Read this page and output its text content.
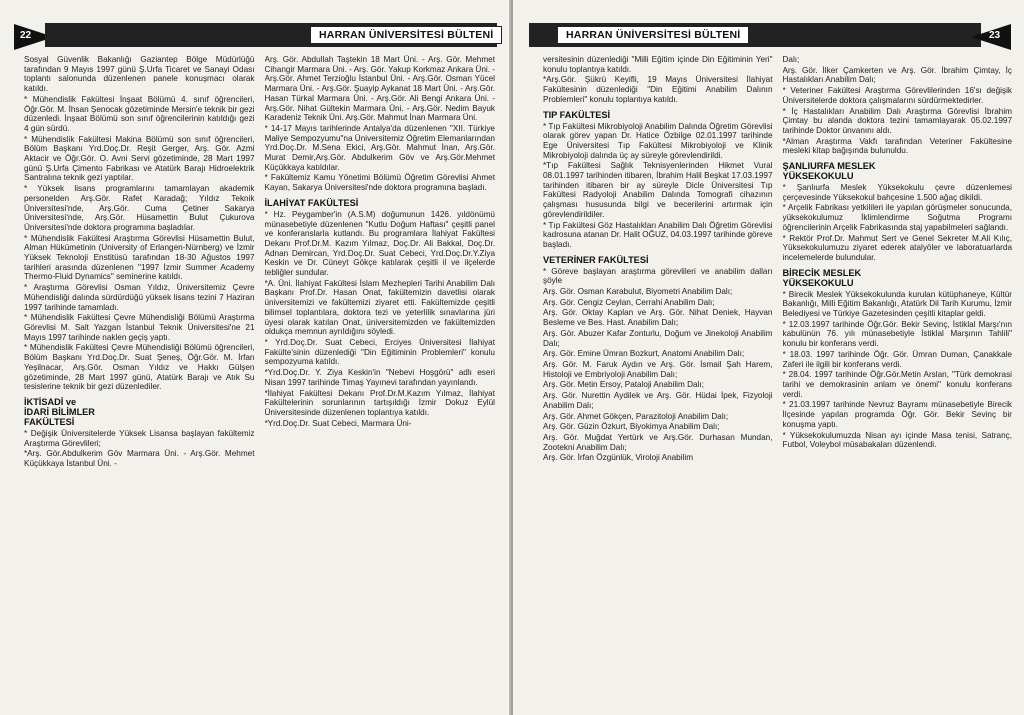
22	HARRAN ÜNİVERSİTESİ BÜLTENİ

Sosyal Güvenlik Bakanlığı Gaziantep Bölge Müdürlüğü tarafından 9 Mayıs 1997 günü Ş.Urfa Ticaret ve Sanayi Odası toplantı salonunda düzenlenen panele konuşmacı olarak katıldı.

* Mühendislik Fakültesi İnşaat Bölümü 4. sınıf öğrencileri, Öğr.Gör. M. İhsan Şenocak gözetiminde Mersin'e teknik bir gezi düzenledi. İnşaat Bölümü son sınıf öğrencilerinin katıldığı gezi 4 gün sürdü.

* Mühendislik Fakültesi Makina Bölümü son sınıf öğrencileri, Bölüm Başkanı Yrd.Doç.Dr. Reşit Gerger, Arş. Gör. Azmi Aktacir ve Öğr.Gör. O. Avni Servi gözetiminde, 28 Mart 1997 günü Ş.Urfa Çimento Fabrikası ve Atatürk Barajı Hidroelektrik Santralına teknik gezi yaptılar.

* Yüksek lisans programlarını tamamlayan akademik personelden Arş.Gör. Rafet Karadağ; Yıldız Teknik Üniversitesi'nde, Arş.Gör. Cuma Çetiner Sakarya Üniversitesi'nde, Arş.Gör. Hüsamettin Bulut Çukurova Üniversitesi'nde doktora programına başladılar.

* Mühendislik Fakültesi Araştırma Görevlisi Hüsamettin Bulut, Alman Hükümetinin (University of Erlangen-Nürnberg) ve İzmir Yüksek Teknoloji Enstitüsü tarafından 18-30 Ağustos 1997 tarihleri arasında düzenlenen "1997 İzmir Summer Academy Thermo-Fluid Dynamics" seminerine katıldı.

* Araştırma Görevlisi Osman Yıldız, Üniversitemiz Çevre Mühendisliği dalında sürdürdüğü yüksek lisans tezini 7 Haziran 1997 tarihinde tamamladı.

* Mühendislik Fakültesi Çevre Mühendisliği Bölümü Araştırma Görevlisi M. Salt Yazgan İstanbul Teknik Üniversitesi'ne 21 Mayıs 1997 tarihinde naklen geçiş yaptı.

* Mühendislik Fakültesi Çevre Mühendisliği Bölümü öğrencileri, Bölüm Başkanı Yrd.Doç.Dr. Suat Şeneş, Öğr.Gör. M. İrfan Yeşilnacar, Arş.Gör. Osman Yıldız ve Hakkı Gülşen gözetiminde, 28 Mart 1997 günü, Atatürk Barajı ve Atık Su tesislerine teknik bir gezi düzenlediler.

İKTİSADİ ve
İDARİ BİLİMLER
FAKÜLTESİ

* Değişik Üniversitelerde Yüksek Lisansa başlayan fakültemiz Araştırma Görevlileri;

*Arş. Gör.Abdulkerim Göv Marmara Üni. - Arş.Gör. Mehmet Küçükkaya İstanbul Üni. -

Arş. Gör. Abdullah Taştekin 18 Mart Üni. - Arş. Gör. Mehmet Cihangir Marmara Üni. - Arş. Gör. Yakup Korkmaz Ankara Üni. - Arş.Gör. Ahmet Terzioğlu İstanbul Üni. - Arş.Gör. Osman Yücel Marmara Üni. - Arş.Gör. Şuayip Aykanat 18 Mart Üni. - Arş.Gör. Hasan Türkal Marmara Üni. - Arş.Gör. Ali Bengi Ankara Üni. - Arş.Gör. Nihat Gültekin Marmara Üni. - Arş.Gör. Nedim Bayuk Karadeniz Teknik Üni. Arş.Gör. Mahmut İnan Marmara Üni.

* 14-17 Mayıs tarihlerinde Antalya'da düzenlenen "XII. Türkiye Maliye Sempozyumu"na Üniversitemiz Öğretim Elemanlarından Yrd.Doç.Dr. M.Sena Ekici, Arş.Gör. Mahmut İnan, Arş.Gör. Murat Demir,Arş.Gör. Abdulkerim Göv ve Arş.Gör.Mehmet Küçükkaya katıldılar.

* Fakültemiz Kamu Yönetimi Bölümü Öğretim Görevlisi Ahmet Kayan, Sakarya Üniversitesi'nde doktora programına başladı.

İLAHİYAT FAKÜLTESİ

* Hz. Peygamber'in (A.S.M) doğumunun 1426. yıldönümü münasebetiyle düzenlenen "Kutlu Doğum Haftası" çeşitli panel ve konferanslarla kutlandı. Bu programlara İlahiyat Fakültesi Dekanı Prof.Dr.M. Kazım Yılmaz, Doç.Dr. Ali Bakkal, Doç.Dr. Adnan Demircan, Yrd.Doç.Dr. Suat Cebeci, Yrd.Doç.Dr.Y.Ziya Keskin ve Dr. Cüneyt Gökçe katılarak çeşitli il ve ilçelerde tebliğler sundular.

*A. Üni. İlahiyat Fakültesi İslam Mezhepleri Tarihi Anabilim Dalı Başkanı Prof.Dr. Hasan Onat, fakültemizin davetlisi olarak üniversitemizi ve fakültemizi ziyaret etti. Fakültemizde çeşitli bilimsel toplantılara, doktora tezi ve yeterlilik sınavlarına jüri üyesi olarak katılan Onat, üniversitemizden ve fakültemizden oldukça memnun ayrıldığını söyledi.

* Yrd.Doç.Dr. Suat Cebeci, Erciyes Üniversitesi İlahiyat Fakülte'sinin düzenlediği "Din Eğitiminin Problemleri" konulu sempozyuma katıldı.

*Yrd.Doç.Dr. Y. Ziya Keskin'in "Nebevi Hoşgörü" adlı eseri Nisan 1997 tarihinde Timaş Yayınevi tarafından yayınlandı.

*İlahiyat Fakültesi Dekanı Prof.Dr.M.Kazım Yılmaz, İlahiyat Fakültelerinin sorunlarının tartışıldığı İzmir Dokuz Eylül Üniversitesinde düzenlenen toplantıya katıldı.

*Yrd.Doç.Dr. Suat Cebeci, Marmara Üni-

HARRAN ÜNİVERSİTESİ BÜLTENİ	23

versitesinin düzenlediği "Milli Eğitim içinde Din Eğitiminin Yeri" konulu toplantıya katıldı.

*Arş.Gör. Şükrü Keyifli, 19 Mayıs Üniversitesi İlahiyat Fakültesinin düzenlediği "Din Eğitimi Anabilim Dalının Problemleri" konulu toplantıya katıldı.

TIP FAKÜLTESİ

* Tıp Fakültesi Mikrobiyoloji Anabilim Dalında Öğretim Görevlisi olarak görev yapan Dr. Hatice Özbilge 02.01.1997 tarihinde Ege Üniversitesi Tıp Fakültesi Mikrobiyoloji ve Klinik Mikrobiyoloji dalında üç ay süreyle görevlendirildi.

*Tıp Fakültesi Sağlık Teknisyenlerinden Hikmet Vural 08.01.1997 tarihinden itibaren, İbrahim Halil Beşkat 17.03.1997 tarihinden itibaren bir ay süreyle Dicle Üniversitesi Tıp Fakültesi Radyoloji Anabilim Dalında Tomografi cihazının çalışması hususunda bilgi ve becerilerini artırmak için görevlendirildiler.

* Tıp Fakültesi Göz Hastalıkları Anabilim Dalı Öğretim Görevlisi kadrosuna atanan Dr. Halit OĞUZ, 04.03.1997 tarihinde göreve başladı.

VETERİNER FAKÜLTESİ

* Göreve başlayan araştırma görevlileri ve anabilim dalları şöyle

Arş. Gör. Osman Karabulut, Biyometri Anabilim Dalı;

Arş. Gör. Cengiz Ceylan, Cerrahi Anabilim Dalı;

Arş. Gör. Oktay Kaplan ve Arş. Gör. Nihat Deniek, Hayvan Besleme ve Bes. Hast. Anabilim Dalı;

Arş. Gör. Abuzer Kafar Zonturlu, Doğum ve Jinekoloji Anabilim Dalı;

Arş. Gör. Emine Ümran Bozkurt, Anatomi Anabilim Dalı;

Arş. Gör. M. Faruk Aydın ve Arş. Gör. İsmail Şah Harem, Histoloji ve Embriyoloji Anabilim Dalı;

Arş. Gör. Metin Ersoy, Pataloji Anabilim Dalı;

Arş. Gör. Nurettin Aydilek ve Arş. Gör. Hüdai İpek, Fizyoloji Anabilim Dalı;

Arş. Gör. Ahmet Gökçen, Parazitoloji Anabilim Dalı;

Arş. Gör. Güzin Özkurt, Biyokimya Anabilim Dalı;

Arş. Gör. Muğdat Yertürk ve Arş.Gör. Durhasan Mundan, Zootekni Anabilim Dalı;

Arş. Gör. İrfan Özgünlük, Viroloji Anabilim

Dalı;

Arş. Gör. İlker Çamkerten ve Arş. Gör. İbrahim Çimtay, İç Hastalıkları Anabilim Dalı;

* Veteriner Fakültesi Araştırma Görevlilerinden 16'sı değişik Üniversitelerde doktora çalışmalarını sürdürmektedirler.

* İç Hastalıkları Anabilim Dalı Araştırma Görevlisi İbrahim Çimtay bu alanda doktora tezini tamamlayarak 05.02.1997 tarihinde Doktor ünvanını aldı.

*Alman Araştırma Vakfı tarafından Veteriner Fakültesine mesleki kitap bağışında bulunuldu.

ŞANLIURFA MESLEK
YÜKSEKOKULU

* Şanlıurfa Meslek Yüksekokulu çevre düzenlemesi çerçevesinde Yüksekokul bahçesine 1.500 ağaç dikildi.

* Arçelik Fabrikası yetkilileri ile yapılan görüşmeler sonucunda, yüksekokulumuz İklimlendirme Soğutma Programı öğrencilerinin Arçelik Fabrikasında staj yapabilmeleri sağlandı.

* Rektör Prof.Dr. Mahmut Sert ve Genel Sekreter M.Ali Kılıç, Yüksekokulumuzu ziyaret ederek atalyöler ve laboratuarlarda incelemelerde bulundular.

BİRECİK MESLEK
YÜKSEKOKULU

* Birecik Meslek Yüksekokulunda kurulan kütüphaneye, Kültür Bakanlığı, Milli Eğitim Bakanlığı, Atatürk Dil Tarih Kurumu, İzmir Belediyesi ve Türkiye Gazetesinden çeşitli kitaplar geldi.

* 12.03.1997 tarihinde Öğr.Gör. Bekir Sevinç, İstiklal Marşı'nın kabulünün 76. yılı münasebetiyle İstiklal Marşının Tahlili" konulu bir konferans verdi.

* 18.03. 1997 tarihinde Öğr. Gör. Ümran Duman, Çanakkale Zaferi ile ilgili bir konferans verdi.

* 28.04. 1997 tarihinde Öğr.Gör.Metin Arslan, "Türk demokrasi tarihi ve demokrasinin anlam ve önemi" konulu konferans verdi.

* 21.03.1997 tarihinde Nevruz Bayramı münasebetiyle Birecik İlçesinde yapılan programda Öğr. Gör. Bekir Sevinç bir konuşma yaptı.

* Yüksekokulumuzda Nisan ayı içinde Masa tenisi, Satranç, Futbol, Voleybol müsabakaları düzenlendi.
